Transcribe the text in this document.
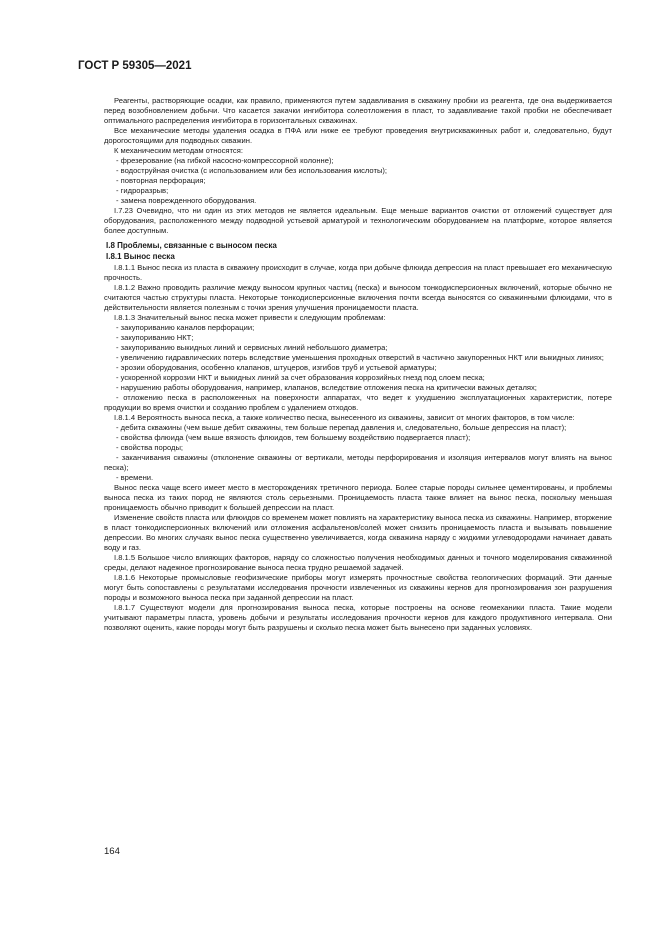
ГОСТ Р 59305—2021

Реагенты, растворяющие осадки, как правило, применяются путем задавливания в скважину пробки из реагента, где она выдерживается перед возобновлением добычи. Что касается закачки ингибитора солеотложения в пласт, то задавливание такой пробки не обеспечивает оптимального распределения ингибитора в горизонтальных скважинах.

Все механические методы удаления осадка в ПФА или ниже ее требуют проведения внутрискважинных работ и, следовательно, будут дорогостоящими для подводных скважин.

К механическим методам относятся:

- фрезерование (на гибкой насосно-компрессорной колонне);

- водоструйная очистка (с использованием или без использования кислоты);

- повторная перфорация;

- гидроразрыв;

- замена поврежденного оборудования.

I.7.23 Очевидно, что ни один из этих методов не является идеальным. Еще меньше вариантов очистки от отложений существует для оборудования, расположенного между подводной устьевой арматурой и технологическим оборудованием на платформе, которое является более доступным.

I.8 Проблемы, связанные с выносом песка
I.8.1 Вынос песка

I.8.1.1 Вынос песка из пласта в скважину происходит в случае, когда при добыче флюида депрессия на пласт превышает его механическую прочность.

I.8.1.2 Важно проводить различие между выносом крупных частиц (песка) и выносом тонкодисперсионных включений, которые обычно не считаются частью структуры пласта. Некоторые тонкодисперсионные включения почти всегда выносятся со скважинными флюидами, что в действительности является полезным с точки зрения улучшения проницаемости пласта.

I.8.1.3 Значительный вынос песка может привести к следующим проблемам:

- закупориванию каналов перфорации;

- закупориванию НКТ;

- закупориванию выкидных линий и сервисных линий небольшого диаметра;

- увеличению гидравлических потерь вследствие уменьшения проходных отверстий в частично закупоренных НКТ или выкидных линиях;

- эрозии оборудования, особенно клапанов, штуцеров, изгибов труб и устьевой арматуры;

- ускоренной коррозии НКТ и выкидных линий за счет образования коррозийных гнезд под слоем песка;

- нарушению работы оборудования, например, клапанов, вследствие отложения песка на критически важных деталях;

- отложению песка в расположенных на поверхности аппаратах, что ведет к ухудшению эксплуатационных характеристик, потере продукции во время очистки и созданию проблем с удалением отходов.

I.8.1.4 Вероятность выноса песка, а также количество песка, вынесенного из скважины, зависит от многих факторов, в том числе:

- дебита скважины (чем выше дебит скважины, тем больше перепад давления и, следовательно, больше депрессия на пласт);

- свойства флюида (чем выше вязкость флюидов, тем большему воздействию подвергается пласт);

- свойства породы;

- заканчивания скважины (отклонение скважины от вертикали, методы перфорирования и изоляция интервалов могут влиять на вынос песка);

- времени.

Вынос песка чаще всего имеет место в месторождениях третичного периода. Более старые породы сильнее цементированы, и проблемы выноса песка из таких пород не являются столь серьезными. Проницаемость пласта также влияет на вынос песка, поскольку меньшая проницаемость обычно приводит к большей депрессии на пласт.

Изменение свойств пласта или флюидов со временем может повлиять на характеристику выноса песка из скважины. Например, вторжение в пласт тонкодисперсионных включений или отложения асфальтенов/солей может снизить проницаемость пласта и вызывать повышение депрессии. Во многих случаях вынос песка существенно увеличивается, когда скважина наряду с жидкими углеводородами начинает давать воду и газ.

I.8.1.5 Большое число влияющих факторов, наряду со сложностью получения необходимых данных и точного моделирования скважинной среды, делают надежное прогнозирование выноса песка трудно решаемой задачей.

I.8.1.6 Некоторые промысловые геофизические приборы могут измерять прочностные свойства геологических формаций. Эти данные могут быть сопоставлены с результатами исследования прочности извлеченных из скважины кернов для прогнозирования зон разрушения породы и возможного выноса песка при заданной депрессии на пласт.

I.8.1.7 Существуют модели для прогнозирования выноса песка, которые построены на основе геомеханики пласта. Такие модели учитывают параметры пласта, уровень добычи и результаты исследования прочности кернов для каждого продуктивного интервала. Они позволяют оценить, какие породы могут быть разрушены и сколько песка может быть вынесено при заданных условиях.

164
